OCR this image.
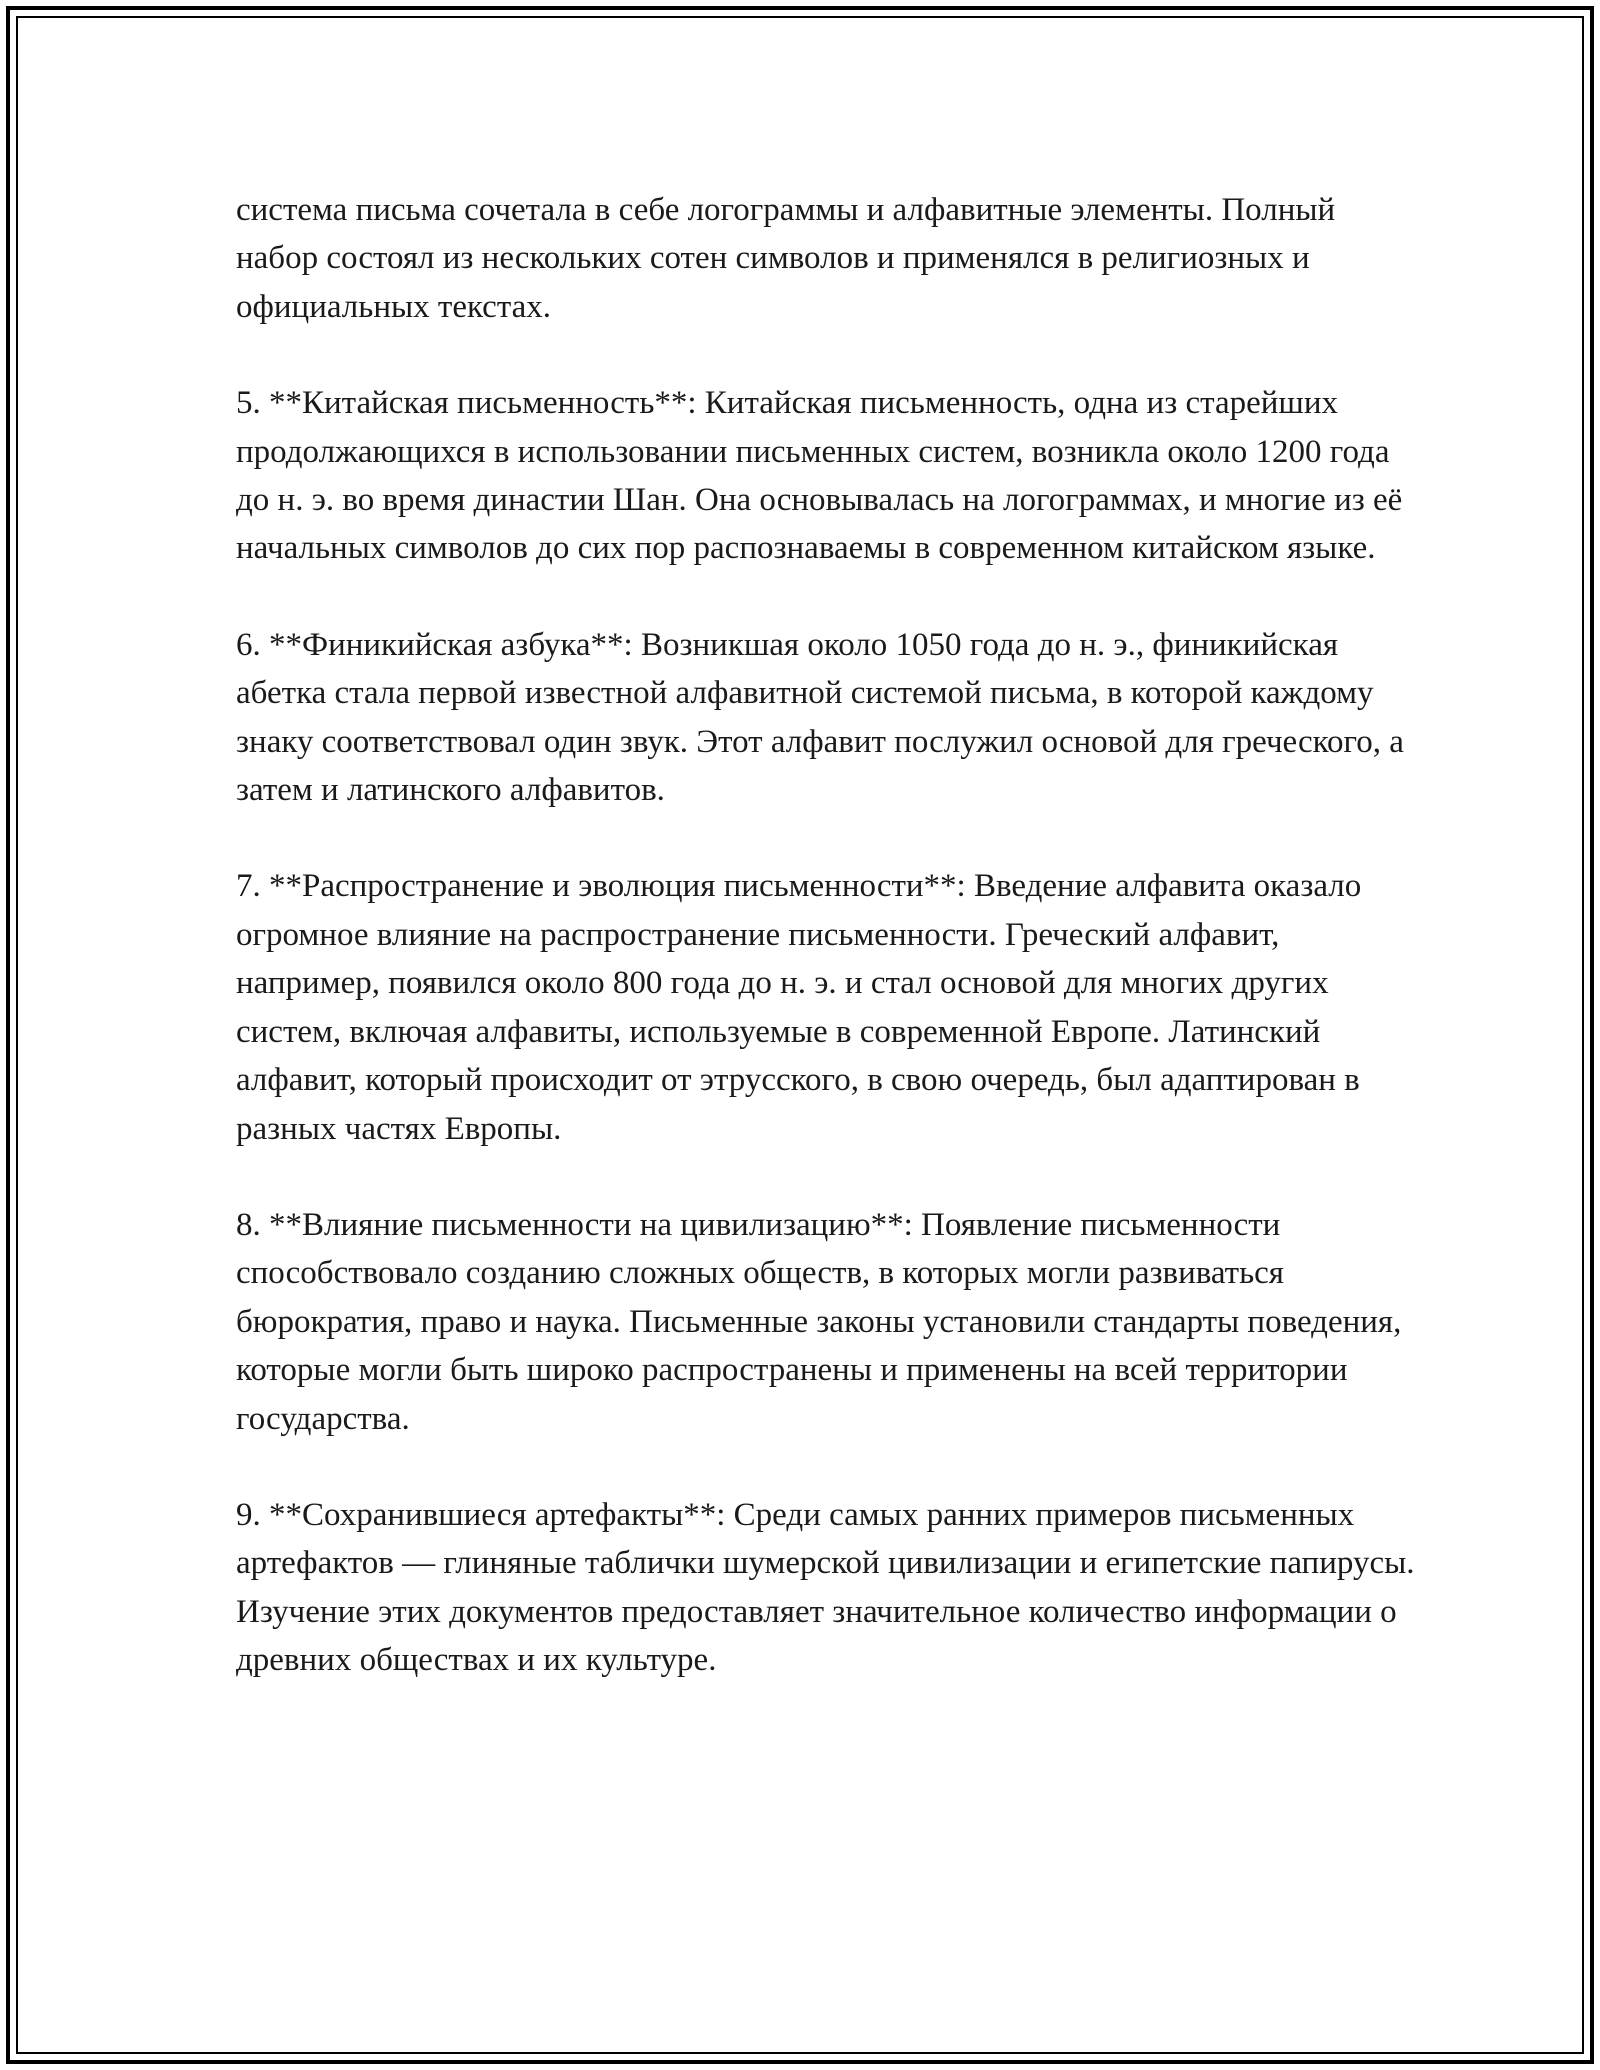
система письма сочетала в себе логограммы и алфавитные элементы. Полный набор состоял из нескольких сотен символов и применялся в религиозных и официальных текстах.

5. **Китайская письменность**: Китайская письменность, одна из старейших продолжающихся в использовании письменных систем, возникла около 1200 года до н. э. во время династии Шан. Она основывалась на логограммах, и многие из её начальных символов до сих пор распознаваемы в современном китайском языке.

6. **Финикийская азбука**: Возникшая около 1050 года до н. э., финикийская абетка стала первой известной алфавитной системой письма, в которой каждому знаку соответствовал один звук. Этот алфавит послужил основой для греческого, а затем и латинского алфавитов.

7. **Распространение и эволюция письменности**: Введение алфавита оказало огромное влияние на распространение письменности. Греческий алфавит, например, появился около 800 года до н. э. и стал основой для многих других систем, включая алфавиты, используемые в современной Европе. Латинский алфавит, который происходит от этрусского, в свою очередь, был адаптирован в разных частях Европы.

8. **Влияние письменности на цивилизацию**: Появление письменности способствовало созданию сложных обществ, в которых могли развиваться бюрократия, право и наука. Письменные законы установили стандарты поведения, которые могли быть широко распространены и применены на всей территории государства.

9. **Сохранившиеся артефакты**: Среди самых ранних примеров письменных артефактов — глиняные таблички шумерской цивилизации и египетские папирусы. Изучение этих документов предоставляет значительное количество информации о древних обществах и их культуре.
